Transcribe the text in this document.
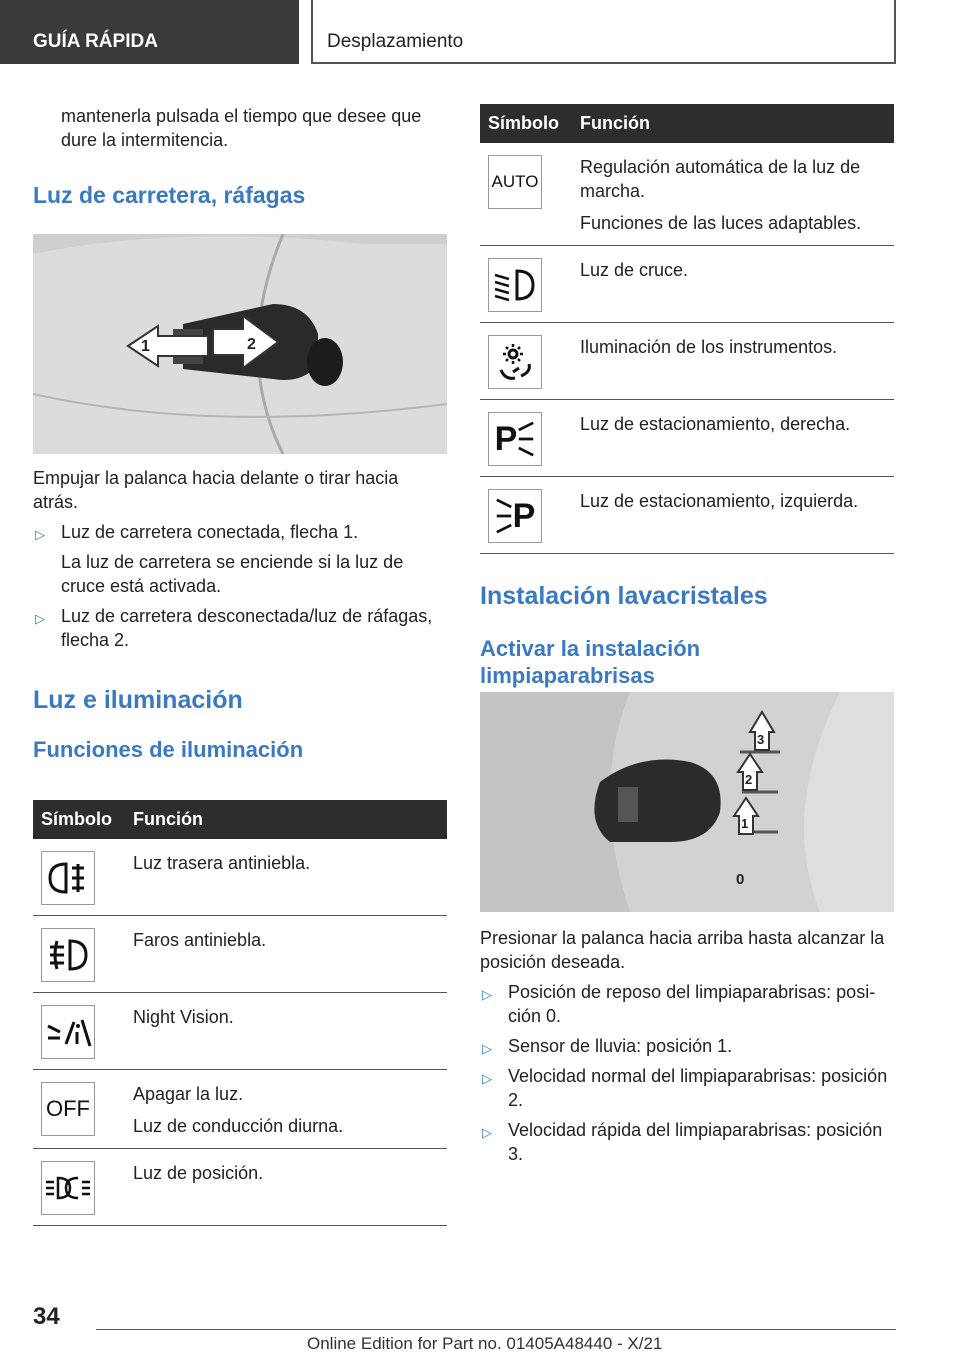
GUÍA RÁPIDA	Desplazamiento

mantenerla pulsada el tiempo que desee que dure la intermitencia.

Luz de carretera, ráfagas
1	2

Empujar la palanca hacia delante o tirar hacia atrás.

▷ Luz de carretera conectada, flecha 1.
La luz de carretera se enciende si la luz de cruce está activada.
▷ Luz de carretera desconectada/luz de ráfagas, flecha 2.
Luz e iluminación
Funciones de iluminación
Símbolo	Función

Luz trasera antiniebla.

Faros antiniebla.

Night Vision.

OFF	Apagar la luz.
Luz de conducción diurna.

Luz de posición.
Símbolo	Función

AUTO	Regulación automática de la luz de marcha.
Funciones de las luces adaptables.

Luz de cruce.

Iluminación de los instrumentos.

P	Luz de estacionamiento, derecha.

P	Luz de estacionamiento, izquierda.
Instalación lavacristales
Activar la instalación limpiaparabrisas
3
2
1
0

Presionar la palanca hacia arriba hasta alcanzar la posición deseada.

▷ Posición de reposo del limpiaparabrisas: posición 0.
▷ Sensor de lluvia: posición 1.
▷ Velocidad normal del limpiaparabrisas: posición 2.
▷ Velocidad rápida del limpiaparabrisas: posición 3.
34
Online Edition for Part no. 01405A48440 - X/21
